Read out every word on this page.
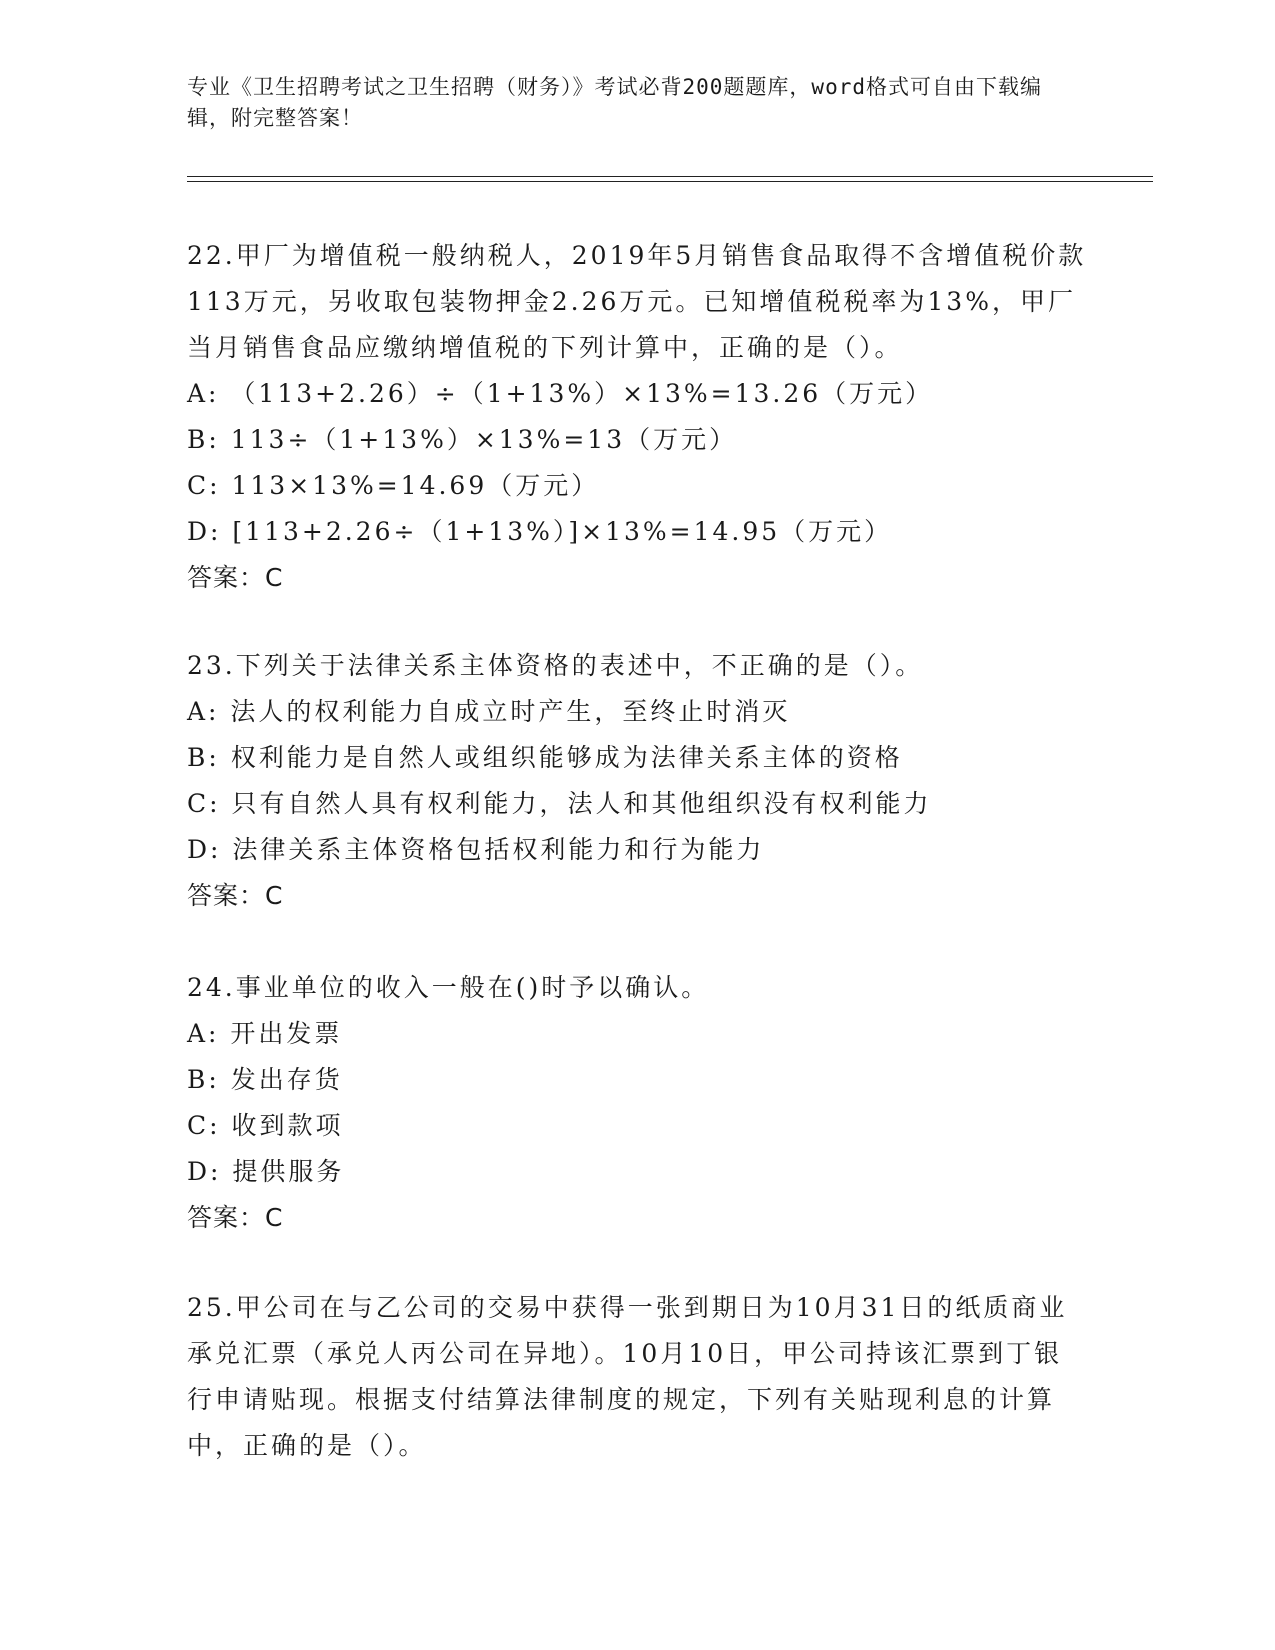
专业《卫生招聘考试之卫生招聘（财务）》考试必背200题题库，word格式可自由下载编辑，附完整答案！
22.甲厂为增值税一般纳税人，2019年5月销售食品取得不含增值税价款113万元，另收取包装物押金2.26万元。已知增值税税率为13%，甲厂当月销售食品应缴纳增值税的下列计算中，正确的是（）。
A: （113+2.26）÷（1+13%）×13%=13.26（万元）
B: 113÷（1+13%）×13%=13（万元）
C: 113×13%=14.69（万元）
D: [113+2.26÷（1+13%）]×13%=14.95（万元）
答案：C
23.下列关于法律关系主体资格的表述中，不正确的是（）。
A: 法人的权利能力自成立时产生，至终止时消灭
B: 权利能力是自然人或组织能够成为法律关系主体的资格
C: 只有自然人具有权利能力，法人和其他组织没有权利能力
D: 法律关系主体资格包括权利能力和行为能力
答案：C
24.事业单位的收入一般在()时予以确认。
A: 开出发票
B: 发出存货
C: 收到款项
D: 提供服务
答案：C
25.甲公司在与乙公司的交易中获得一张到期日为10月31日的纸质商业承兑汇票（承兑人丙公司在异地）。10月10日，甲公司持该汇票到丁银行申请贴现。根据支付结算法律制度的规定，下列有关贴现利息的计算中，正确的是（）。
